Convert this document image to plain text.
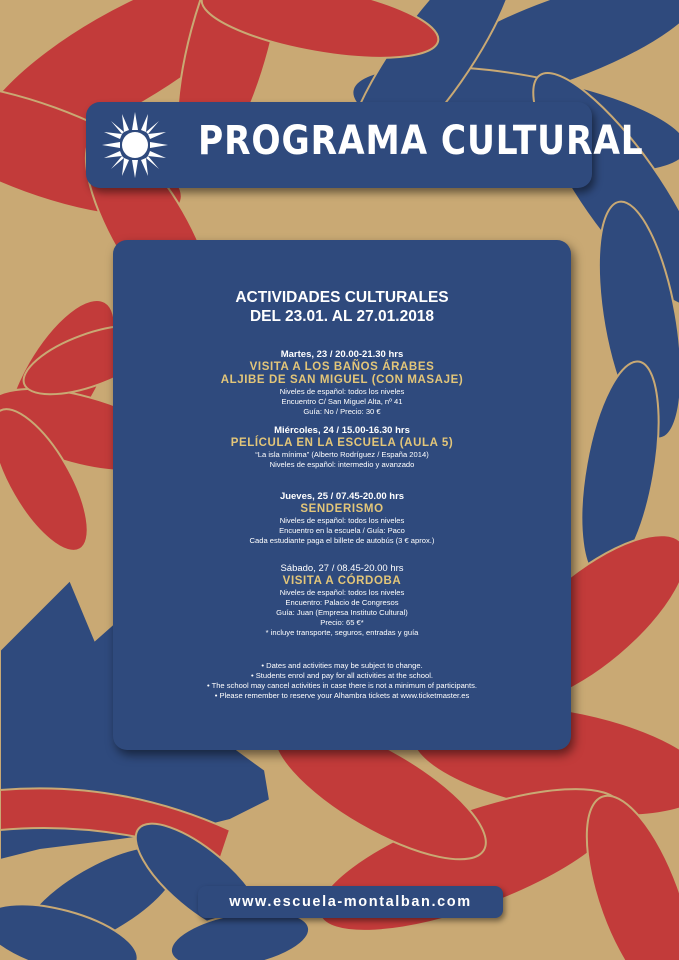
PROGRAMA CULTURAL
ACTIVIDADES CULTURALES
DEL 23.01. AL 27.01.2018
Martes, 23 / 20.00-21.30 hrs
VISITA A LOS BAÑOS ÁRABES
ALJIBE DE SAN MIGUEL (CON MASAJE)
Niveles de español: todos los niveles
Encuentro C/ San Miguel Alta, nº 41
Guía: No / Precio: 30 €
Miércoles, 24 / 15.00-16.30 hrs
PELÍCULA EN LA ESCUELA (AULA 5)
“La isla mínima” (Alberto Rodríguez / España 2014)
Niveles de español: intermedio y avanzado
Jueves, 25 / 07.45-20.00 hrs
SENDERISMO
Niveles de español: todos los niveles
Encuentro en la escuela / Guía: Paco
Cada estudiante paga el billete de autobús (3 € aprox.)
Sábado, 27 / 08.45-20.00 hrs
VISITA A CÓRDOBA
Niveles de español: todos los niveles
Encuentro: Palacio de Congresos
Guía: Juan (Empresa Instituto Cultural)
Precio: 65 €*
* incluye transporte, seguros, entradas y guía
• Dates and activities may be subject to change.
• Students enrol and pay for all activities at the school.
• The school may cancel activities in case there is not a minimum of participants.
• Please remember to reserve your Alhambra tickets at www.ticketmaster.es
www.escuela-montalban.com
